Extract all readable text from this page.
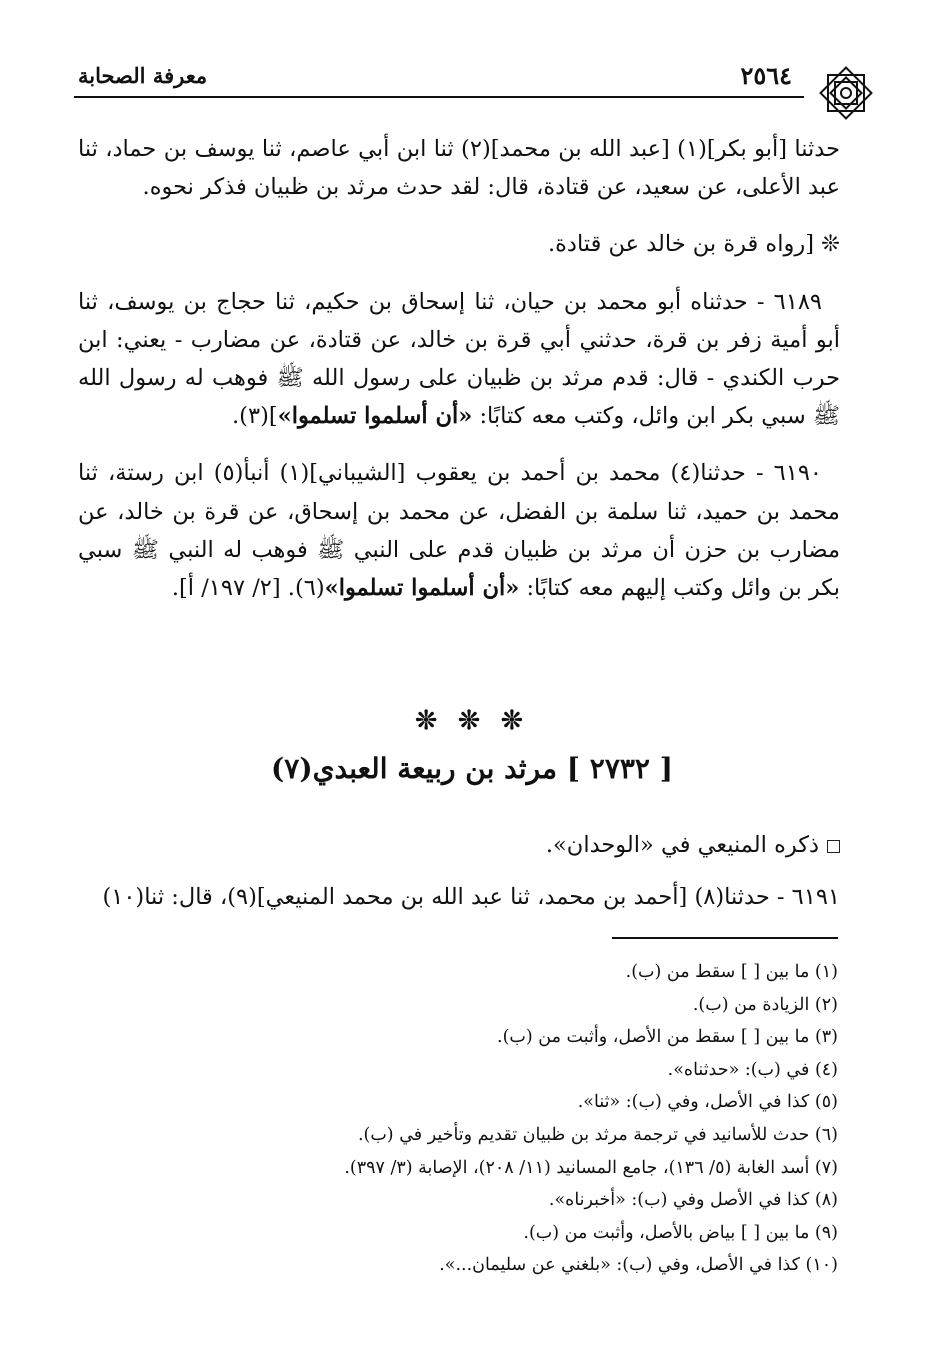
٢٥٦٤
معرفة الصحابة

حدثنا [أبو بكر](١) [عبد الله بن محمد](٢) ثنا ابن أبي عاصم، ثنا يوسف بن حماد، ثنا عبد الأعلى، عن سعيد، عن قتادة، قال: لقد حدث مرثد بن ظبيان فذكر نحوه.

❊ [رواه قرة بن خالد عن قتادة.

٦١٨٩ - حدثناه أبو محمد بن حيان، ثنا إسحاق بن حكيم، ثنا حجاج بن يوسف، ثنا أبو أمية زفر بن قرة، حدثني أبي قرة بن خالد، عن قتادة، عن مضارب - يعني: ابن حرب الكندي - قال: قدم مرثد بن ظبيان على رسول الله ﷺ فوهب له رسول الله ﷺ سبي بكر ابن وائل، وكتب معه كتابًا: «أن أسلموا تسلموا»](٣).

٦١٩٠ - حدثنا(٤) محمد بن أحمد بن يعقوب [الشيباني](١) أنبأ(٥) ابن رستة، ثنا محمد بن حميد، ثنا سلمة بن الفضل، عن محمد بن إسحاق، عن قرة بن خالد، عن مضارب بن حزن أن مرثد بن ظبيان قدم على النبي ﷺ فوهب له النبي ﷺ سبي بكر بن وائل وكتب إليهم معه كتابًا: «أن أسلموا تسلموا»(٦). [٢/ ١٩٧/ أ].

❊ ❊ ❊
[ ٢٧٣٢ ] مرثد بن ربيعة العبدي(٧)

ذكره المنيعي في «الوحدان».

٦١٩١ - حدثنا(٨) [أحمد بن محمد، ثنا عبد الله بن محمد المنيعي](٩)، قال: ثنا(١٠)

(١) ما بين [ ] سقط من (ب).
(٢) الزيادة من (ب).
(٣) ما بين [ ] سقط من الأصل، وأثبت من (ب).
(٤) في (ب): «حدثناه».
(٥) كذا في الأصل، وفي (ب): «ثنا».
(٦) حدث للأسانيد في ترجمة مرثد بن ظبيان تقديم وتأخير في (ب).
(٧) أسد الغابة (٥/ ١٣٦)، جامع المسانيد (١١/ ٢٠٨)، الإصابة (٣/ ٣٩٧).
(٨) كذا في الأصل وفي (ب): «أخبرناه».
(٩) ما بين [ ] بياض بالأصل، وأثبت من (ب).
(١٠) كذا في الأصل، وفي (ب): «بلغني عن سليمان...».
